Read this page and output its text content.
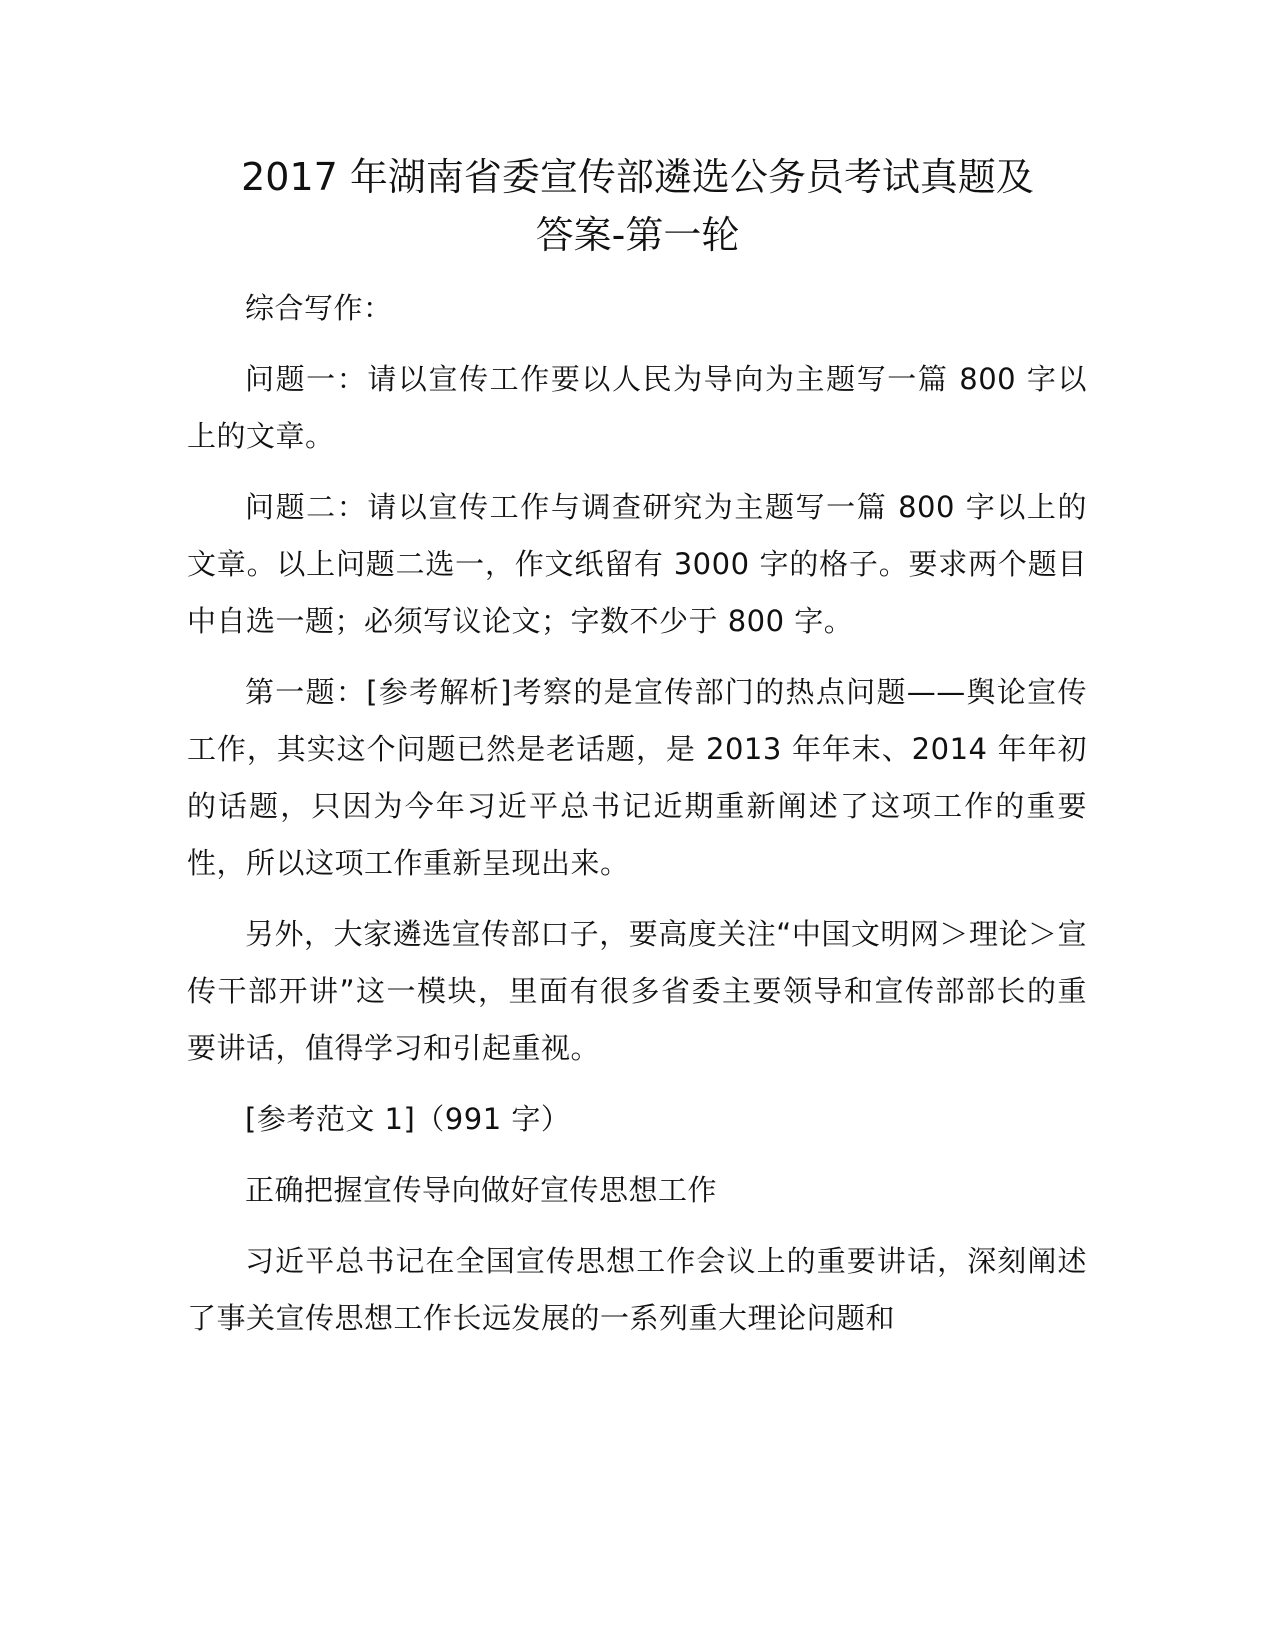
2017 年湖南省委宣传部遴选公务员考试真题及
答案-第一轮

综合写作：

问题一：请以宣传工作要以人民为导向为主题写一篇 800 字以上的文章。

问题二：请以宣传工作与调查研究为主题写一篇 800 字以上的文章。以上问题二选一，作文纸留有 3000 字的格子。要求两个题目中自选一题；必须写议论文；字数不少于 800 字。

第一题：[参考解析]考察的是宣传部门的热点问题——舆论宣传工作，其实这个问题已然是老话题，是 2013 年年末、2014 年年初的话题，只因为今年习近平总书记近期重新阐述了这项工作的重要性，所以这项工作重新呈现出来。

另外，大家遴选宣传部口子，要高度关注“中国文明网＞理论＞宣传干部开讲”这一模块，里面有很多省委主要领导和宣传部部长的重要讲话，值得学习和引起重视。

[参考范文 1]（991 字）

正确把握宣传导向做好宣传思想工作

习近平总书记在全国宣传思想工作会议上的重要讲话，深刻阐述了事关宣传思想工作长远发展的一系列重大理论问题和
